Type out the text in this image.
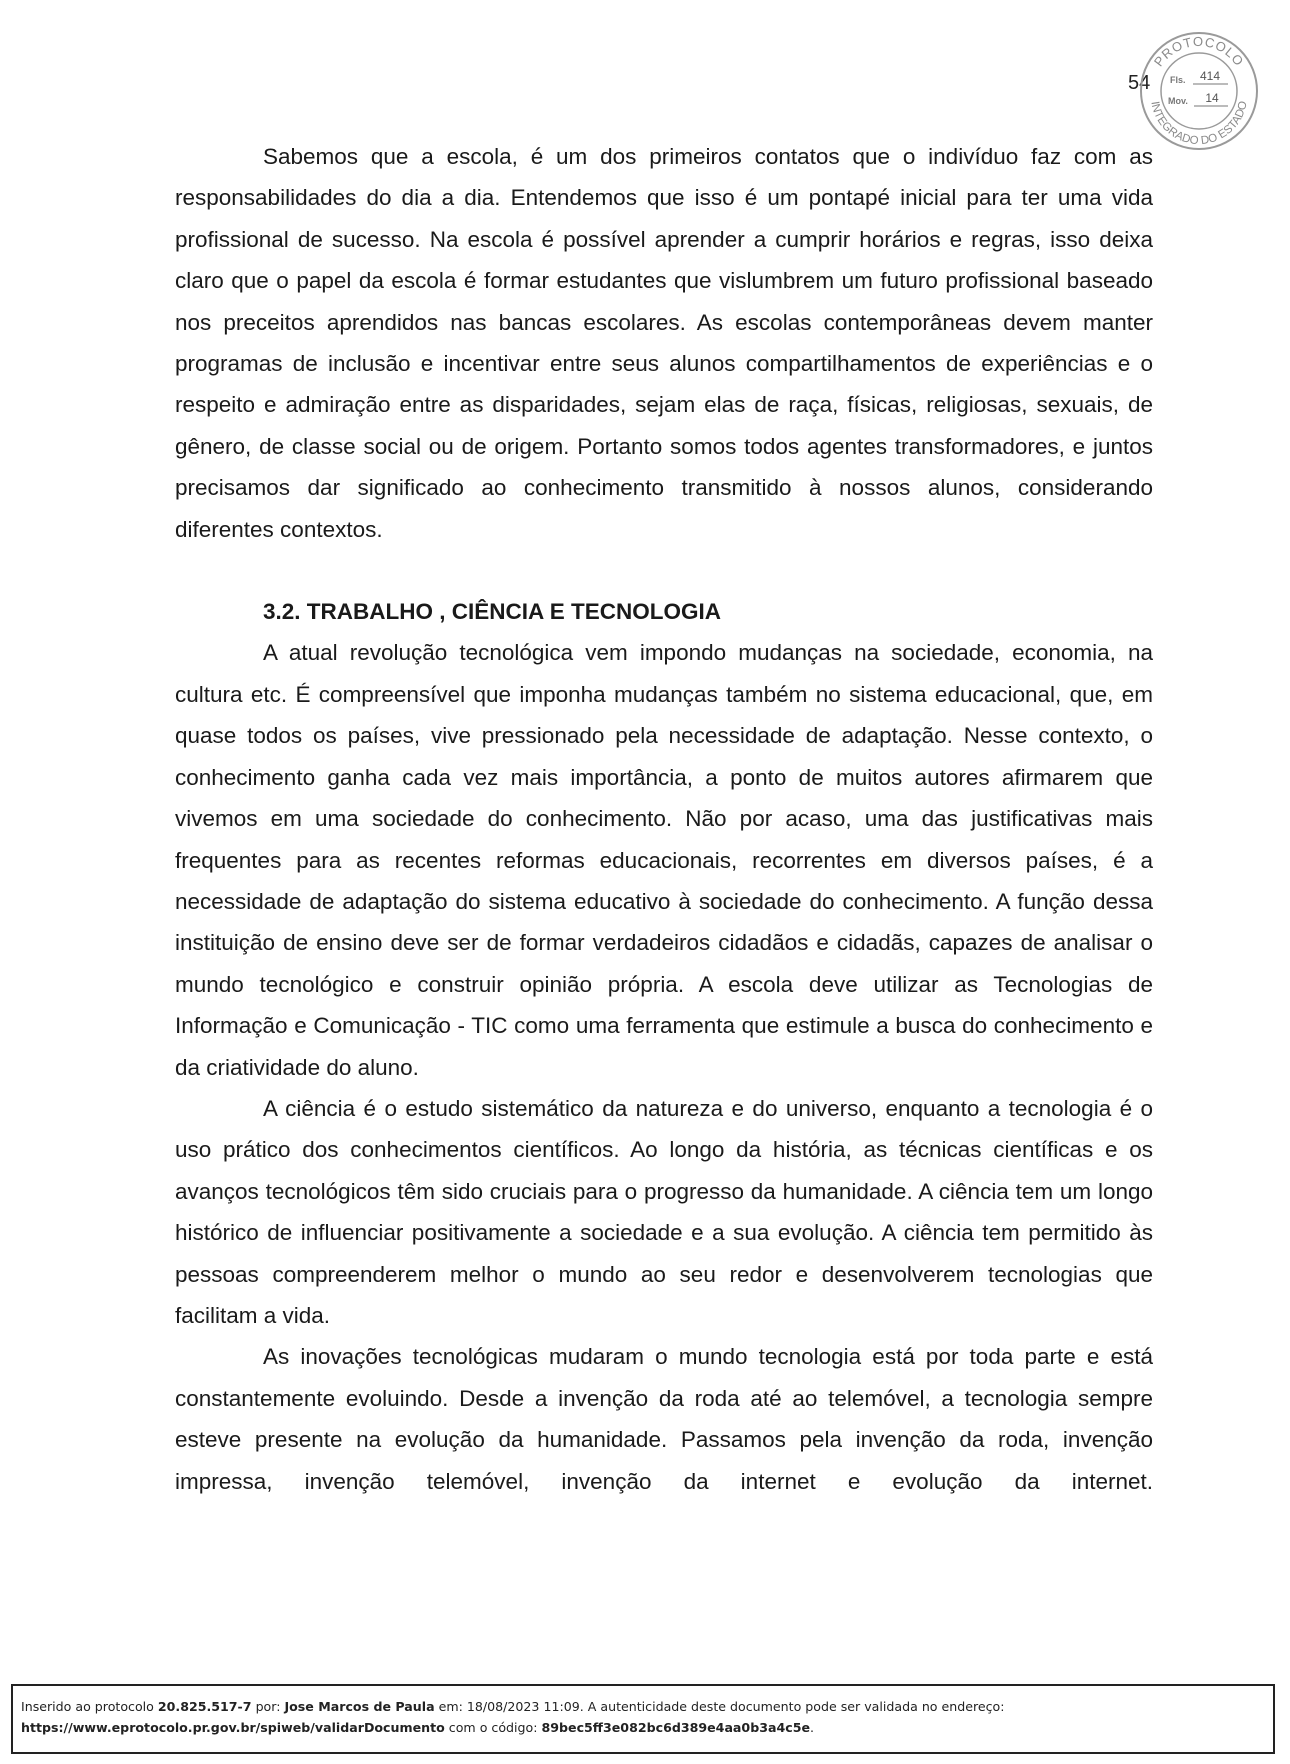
54
PROTOCOLO
INTEGRADO DO ESTADO
Fls. 414
Mov. 14

Sabemos que a escola, é um dos primeiros contatos que o indivíduo faz com as responsabilidades do dia a dia. Entendemos que isso é um pontapé inicial para ter uma vida profissional de sucesso. Na escola é possível aprender a cumprir horários e regras, isso deixa claro que o papel da escola é formar estudantes que vislumbrem um futuro profissional baseado nos preceitos aprendidos nas bancas escolares. As escolas contemporâneas devem manter programas de inclusão e incentivar entre seus alunos compartilhamentos de experiências e o respeito e admiração entre as disparidades, sejam elas de raça, físicas, religiosas, sexuais, de gênero, de classe social ou de origem. Portanto somos todos agentes transformadores, e juntos precisamos dar significado ao conhecimento transmitido à nossos alunos, considerando diferentes contextos.

3.2. TRABALHO , CIÊNCIA E TECNOLOGIA

A atual revolução tecnológica vem impondo mudanças na sociedade, economia, na cultura etc. É compreensível que imponha mudanças também no sistema educacional, que, em quase todos os países, vive pressionado pela necessidade de adaptação. Nesse contexto, o conhecimento ganha cada vez mais importância, a ponto de muitos autores afirmarem que vivemos em uma sociedade do conhecimento. Não por acaso, uma das justificativas mais frequentes para as recentes reformas educacionais, recorrentes em diversos países, é a necessidade de adaptação do sistema educativo à sociedade do conhecimento. A função dessa instituição de ensino deve ser de formar verdadeiros cidadãos e cidadãs, capazes de analisar o mundo tecnológico e construir opinião própria. A escola deve utilizar as Tecnologias de Informação e Comunicação - TIC como uma ferramenta que estimule a busca do conhecimento e da criatividade do aluno.

A ciência é o estudo sistemático da natureza e do universo, enquanto a tecnologia é o uso prático dos conhecimentos científicos. Ao longo da história, as técnicas científicas e os avanços tecnológicos têm sido cruciais para o progresso da humanidade. A ciência tem um longo histórico de influenciar positivamente a sociedade e a sua evolução. A ciência tem permitido às pessoas compreenderem melhor o mundo ao seu redor e desenvolverem tecnologias que facilitam a vida.

As inovações tecnológicas mudaram o mundo tecnologia está por toda parte e está constantemente evoluindo. Desde a invenção da roda até ao telemóvel, a tecnologia sempre esteve presente na evolução da humanidade. Passamos pela invenção da roda, invenção impressa, invenção telemóvel, invenção da internet e evolução da internet.

Inserido ao protocolo 20.825.517-7 por: Jose Marcos de Paula em: 18/08/2023 11:09. A autenticidade deste documento pode ser validada no endereço:
https://www.eprotocolo.pr.gov.br/spiweb/validarDocumento com o código: 89bec5ff3e082bc6d389e4aa0b3a4c5e.
